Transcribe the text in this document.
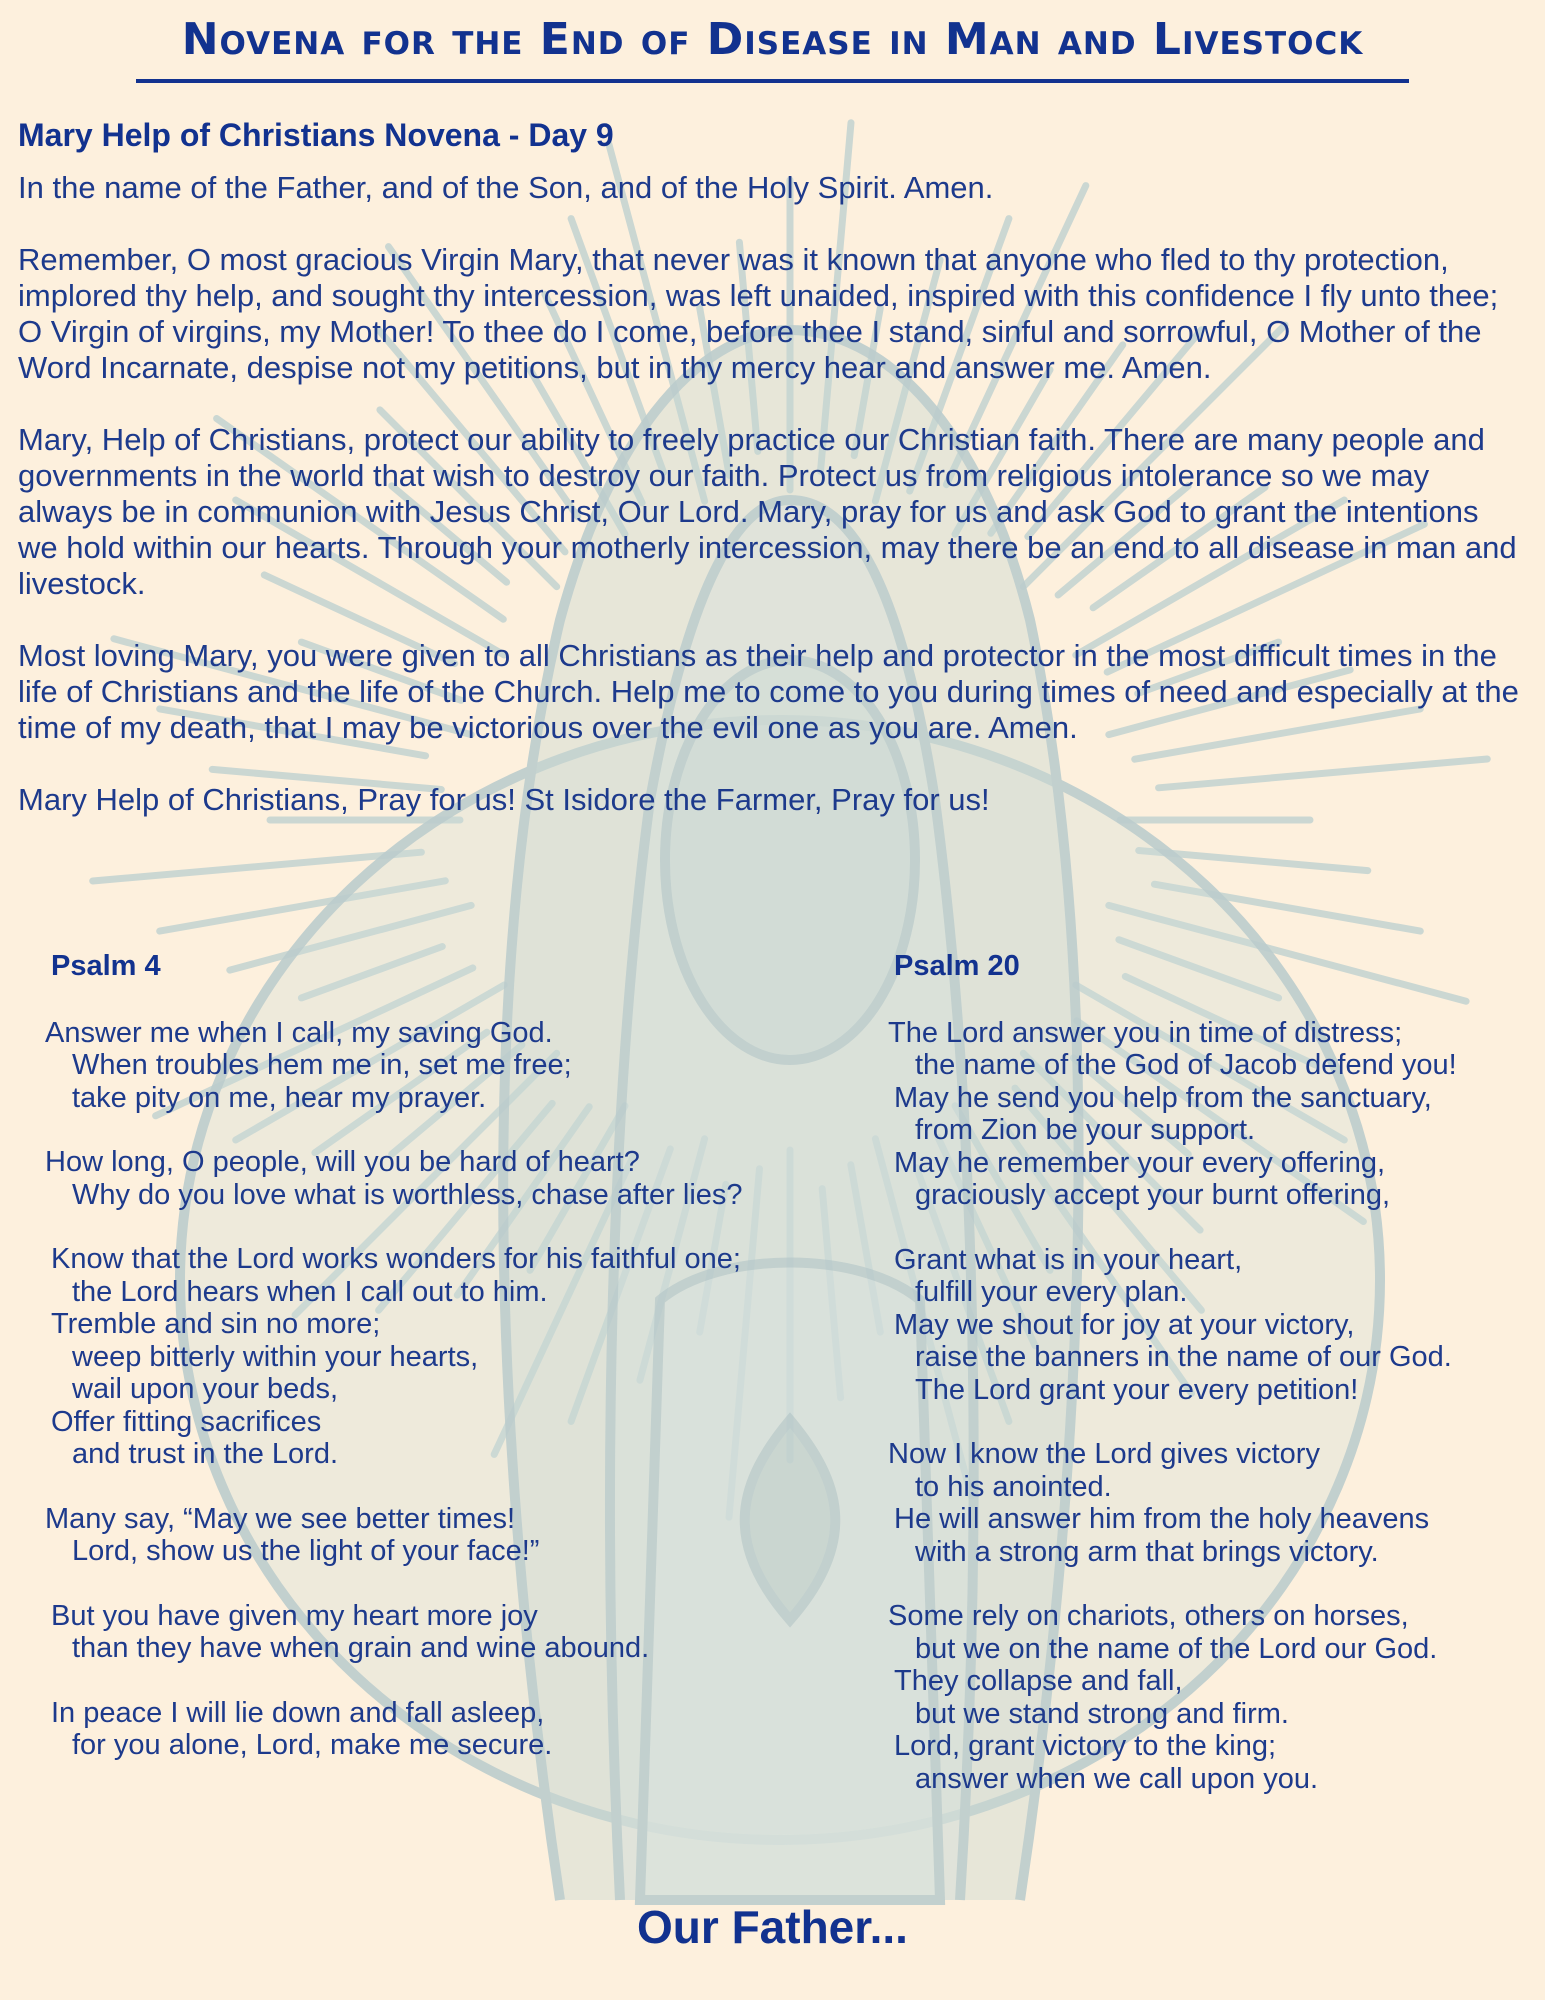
Novena for the End of Disease in Man and Livestock
Mary Help of Christians Novena - Day 9

In the name of the Father, and of the Son, and of the Holy Spirit. Amen.

Remember, O most gracious Virgin Mary, that never was it known that anyone who fled to thy protection, implored thy help, and sought thy intercession, was left unaided, inspired with this confidence I fly unto thee; O Virgin of virgins, my Mother! To thee do I come, before thee I stand, sinful and sorrowful, O Mother of the Word Incarnate, despise not my petitions, but in thy mercy hear and answer me. Amen.

Mary, Help of Christians, protect our ability to freely practice our Christian faith. There are many people and governments in the world that wish to destroy our faith. Protect us from religious intolerance so we may always be in communion with Jesus Christ, Our Lord. Mary, pray for us and ask God to grant the intentions we hold within our hearts. Through your motherly intercession, may there be an end to all disease in man and livestock.

Most loving Mary, you were given to all Christians as their help and protector in the most difficult times in the life of Christians and the life of the Church. Help me to come to you during times of need and especially at the time of my death, that I may be victorious over the evil one as you are. Amen.

Mary Help of Christians, Pray for us! St Isidore the Farmer, Pray for us!

Psalm 4
Answer me when I call, my saving God.
When troubles hem me in, set me free;
take pity on me, hear my prayer.
How long, O people, will you be hard of heart?
Why do you love what is worthless, chase after lies?
Know that the Lord works wonders for his faithful one;
the Lord hears when I call out to him.
Tremble and sin no more;
weep bitterly within your hearts,
wail upon your beds,
Offer fitting sacrifices
and trust in the Lord.
Many say, “May we see better times!
Lord, show us the light of your face!”
But you have given my heart more joy
than they have when grain and wine abound.
In peace I will lie down and fall asleep,
for you alone, Lord, make me secure.
Psalm 20
The Lord answer you in time of distress;
the name of the God of Jacob defend you!
May he send you help from the sanctuary,
from Zion be your support.
May he remember your every offering,
graciously accept your burnt offering,
Grant what is in your heart,
fulfill your every plan.
May we shout for joy at your victory,
raise the banners in the name of our God.
The Lord grant your every petition!
Now I know the Lord gives victory
to his anointed.
He will answer him from the holy heavens
with a strong arm that brings victory.
Some rely on chariots, others on horses,
but we on the name of the Lord our God.
They collapse and fall,
but we stand strong and firm.
Lord, grant victory to the king;
answer when we call upon you.

Our Father...
